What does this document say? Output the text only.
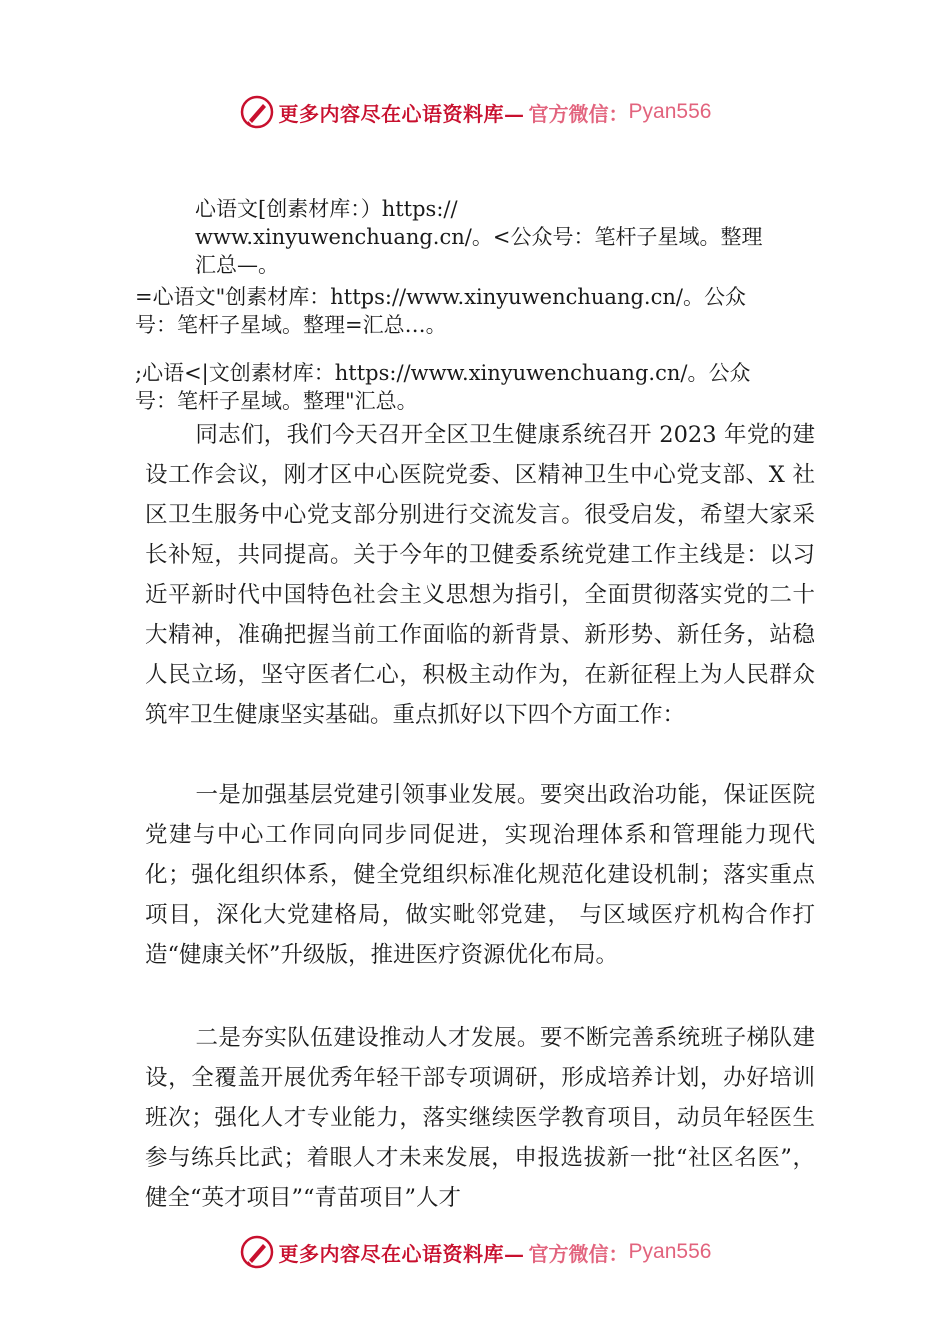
更多内容尽在心语资料库— 官方微信： Pyan556
心语文[创素材库：）https://
www.xinyuwenchuang.cn/。<公众号：笔杆子星域。整理
汇总—。
=心语文"创素材库：https://www.xinyuwenchuang.cn/。公众
号：笔杆子星域。整理=汇总…。
;心语<|文创素材库：https://www.xinyuwenchuang.cn/。公众
号：笔杆子星域。整理"汇总。
同志们，我们今天召开全区卫生健康系统召开 2023 年党的建设工作会议，刚才区中心医院党委、区精神卫生中心党支部、X 社区卫生服务中心党支部分别进行交流发言。很受启发，希望大家采长补短，共同提高。关于今年的卫健委系统党建工作主线是：以习近平新时代中国特色社会主义思想为指引，全面贯彻落实党的二十大精神，准确把握当前工作面临的新背景、新形势、新任务，站稳人民立场，坚守医者仁心，积极主动作为，在新征程上为人民群众筑牢卫生健康坚实基础。重点抓好以下四个方面工作：
一是加强基层党建引领事业发展。要突出政治功能，保证医院党建与中心工作同向同步同促进，实现治理体系和管理能力现代化；强化组织体系，健全党组织标准化规范化建设机制；落实重点项目，深化大党建格局，做实毗邻党建， 与区域医疗机构合作打造“健康关怀”升级版，推进医疗资源优化布局。
二是夯实队伍建设推动人才发展。要不断完善系统班子梯队建设，全覆盖开展优秀年轻干部专项调研，形成培养计划，办好培训班次；强化人才专业能力，落实继续医学教育项目，动员年轻医生参与练兵比武；着眼人才未来发展，申报选拔新一批“社区名医”，健全“英才项目”“青苗项目”人才
更多内容尽在心语资料库— 官方微信： Pyan556
